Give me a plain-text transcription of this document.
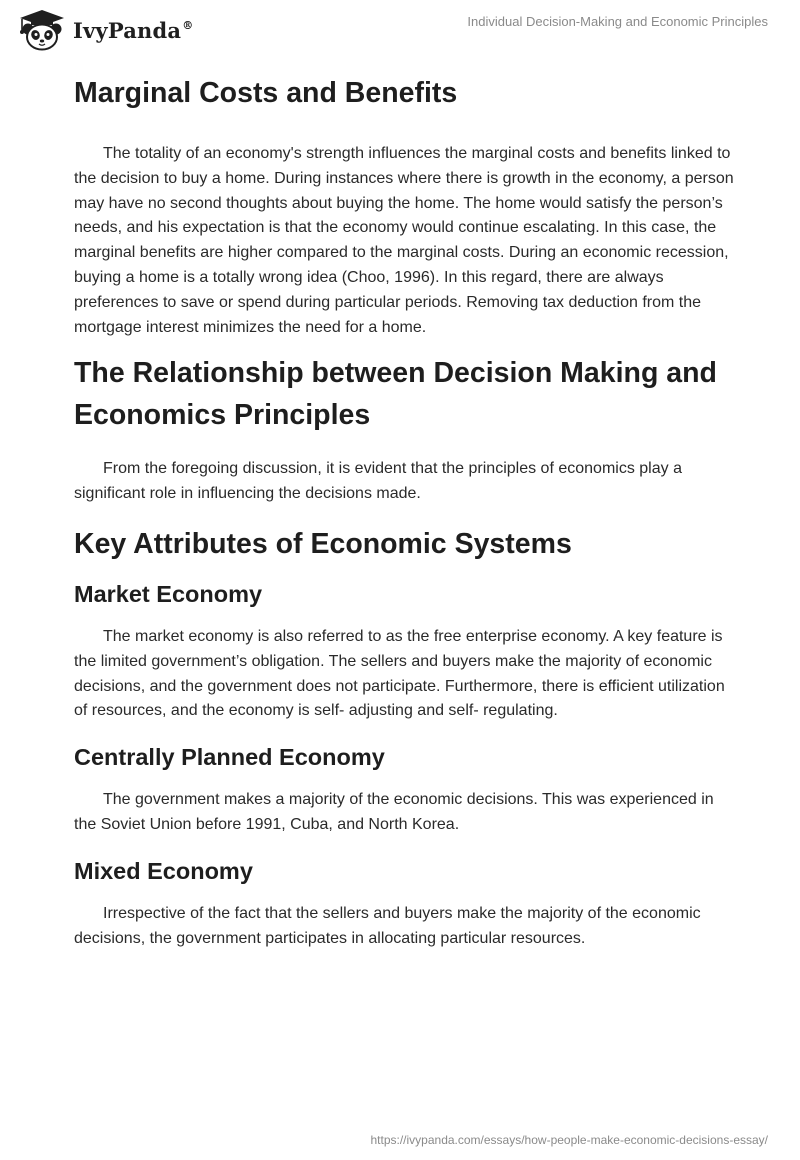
IvyPanda®	Individual Decision-Making and Economic Principles
Marginal Costs and Benefits

The totality of an economy's strength influences the marginal costs and benefits linked to the decision to buy a home. During instances where there is growth in the economy, a person may have no second thoughts about buying the home. The home would satisfy the person’s needs, and his expectation is that the economy would continue escalating. In this case, the marginal benefits are higher compared to the marginal costs. During an economic recession, buying a home is a totally wrong idea (Choo, 1996). In this regard, there are always preferences to save or spend during particular periods. Removing tax deduction from the mortgage interest minimizes the need for a home.

The Relationship between Decision Making and Economics Principles

From the foregoing discussion, it is evident that the principles of economics play a significant role in influencing the decisions made.

Key Attributes of Economic Systems
Market Economy

The market economy is also referred to as the free enterprise economy. A key feature is the limited government’s obligation. The sellers and buyers make the majority of economic decisions, and the government does not participate. Furthermore, there is efficient utilization of resources, and the economy is self- adjusting and self- regulating.

Centrally Planned Economy

The government makes a majority of the economic decisions. This was experienced in the Soviet Union before 1991, Cuba, and North Korea.

Mixed Economy

Irrespective of the fact that the sellers and buyers make the majority of the economic decisions, the government participates in allocating particular resources.

https://ivypanda.com/essays/how-people-make-economic-decisions-essay/
